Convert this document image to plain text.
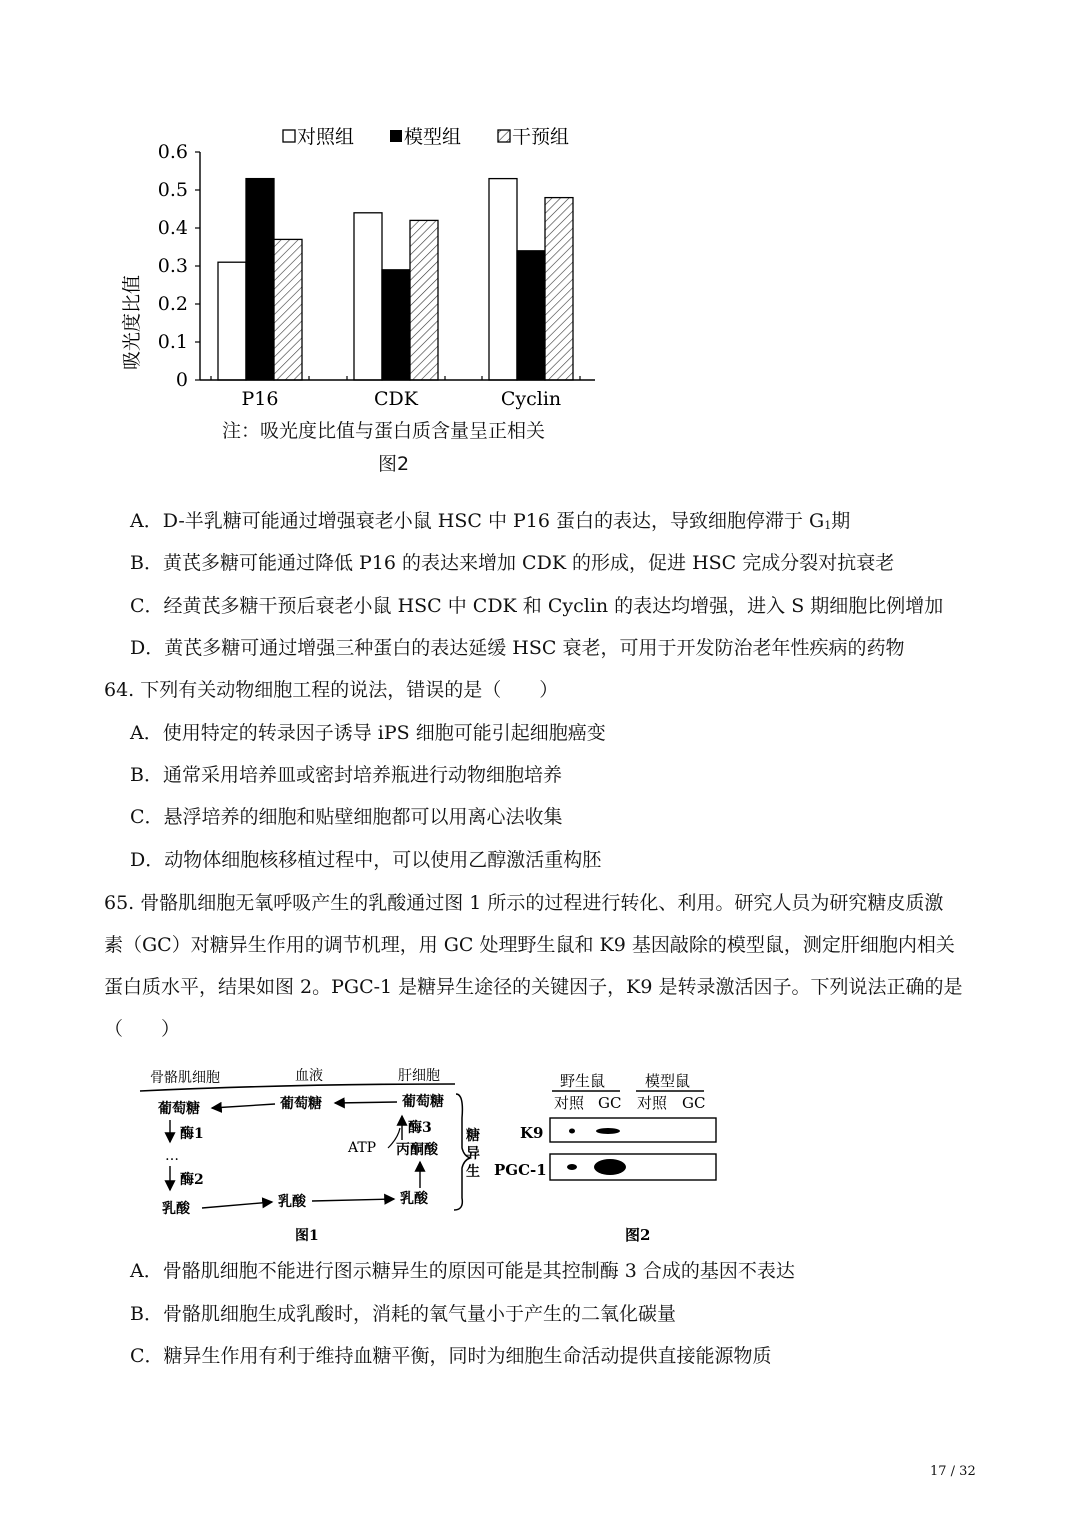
对照组	模型组	干预组
吸光度比值
0
0.1
0.2
0.3
0.4
0.5
0.6
P16	CDK	Cyclin
注：吸光度比值与蛋白质含量呈正相关
图2
A．D-半乳糖可能通过增强衰老小鼠 HSC 中 P16 蛋白的表达，导致细胞停滞于 $G_1$期
B．黄芪多糖可能通过降低 P16 的表达来增加 CDK 的形成，促进 HSC 完成分裂对抗衰老
C．经黄芪多糖干预后衰老小鼠 HSC 中 CDK 和 Cyclin 的表达均增强，进入 S 期细胞比例增加
D．黄芪多糖可通过增强三种蛋白的表达延缓 HSC 衰老，可用于开发防治老年性疾病的药物
64. 下列有关动物细胞工程的说法，错误的是（　　）
A．使用特定的转录因子诱导 iPS 细胞可能引起细胞癌变
B．通常采用培养皿或密封培养瓶进行动物细胞培养
C．悬浮培养的细胞和贴壁细胞都可以用离心法收集
D．动物体细胞核移植过程中，可以使用乙醇激活重构胚
65. 骨骼肌细胞无氧呼吸产生的乳酸通过图 1 所示的过程进行转化、利用。研究人员为研究糖皮质激
素（GC）对糖异生作用的调节机理，用 GC 处理野生鼠和 K9 基因敲除的模型鼠，测定肝细胞内相关
蛋白质水平，结果如图 2。PGC-1 是糖异生途径的关键因子，K9 是转录激活因子。下列说法正确的是
（　　）
骨骼肌细胞	血液	肝细胞
葡萄糖	葡萄糖	葡萄糖
酶1
…
酶2
乳酸	乳酸	乳酸
丙酮酸
酶3
ATP
糖
异
生
图1
野生鼠	模型鼠
对照 GC 对照 GC
K9
PGC-1
图2
A．骨骼肌细胞不能进行图示糖异生的原因可能是其控制酶 3 合成的基因不表达
B．骨骼肌细胞生成乳酸时，消耗的氧气量小于产生的二氧化碳量
C．糖异生作用有利于维持血糖平衡，同时为细胞生命活动提供直接能源物质
17 / 32
